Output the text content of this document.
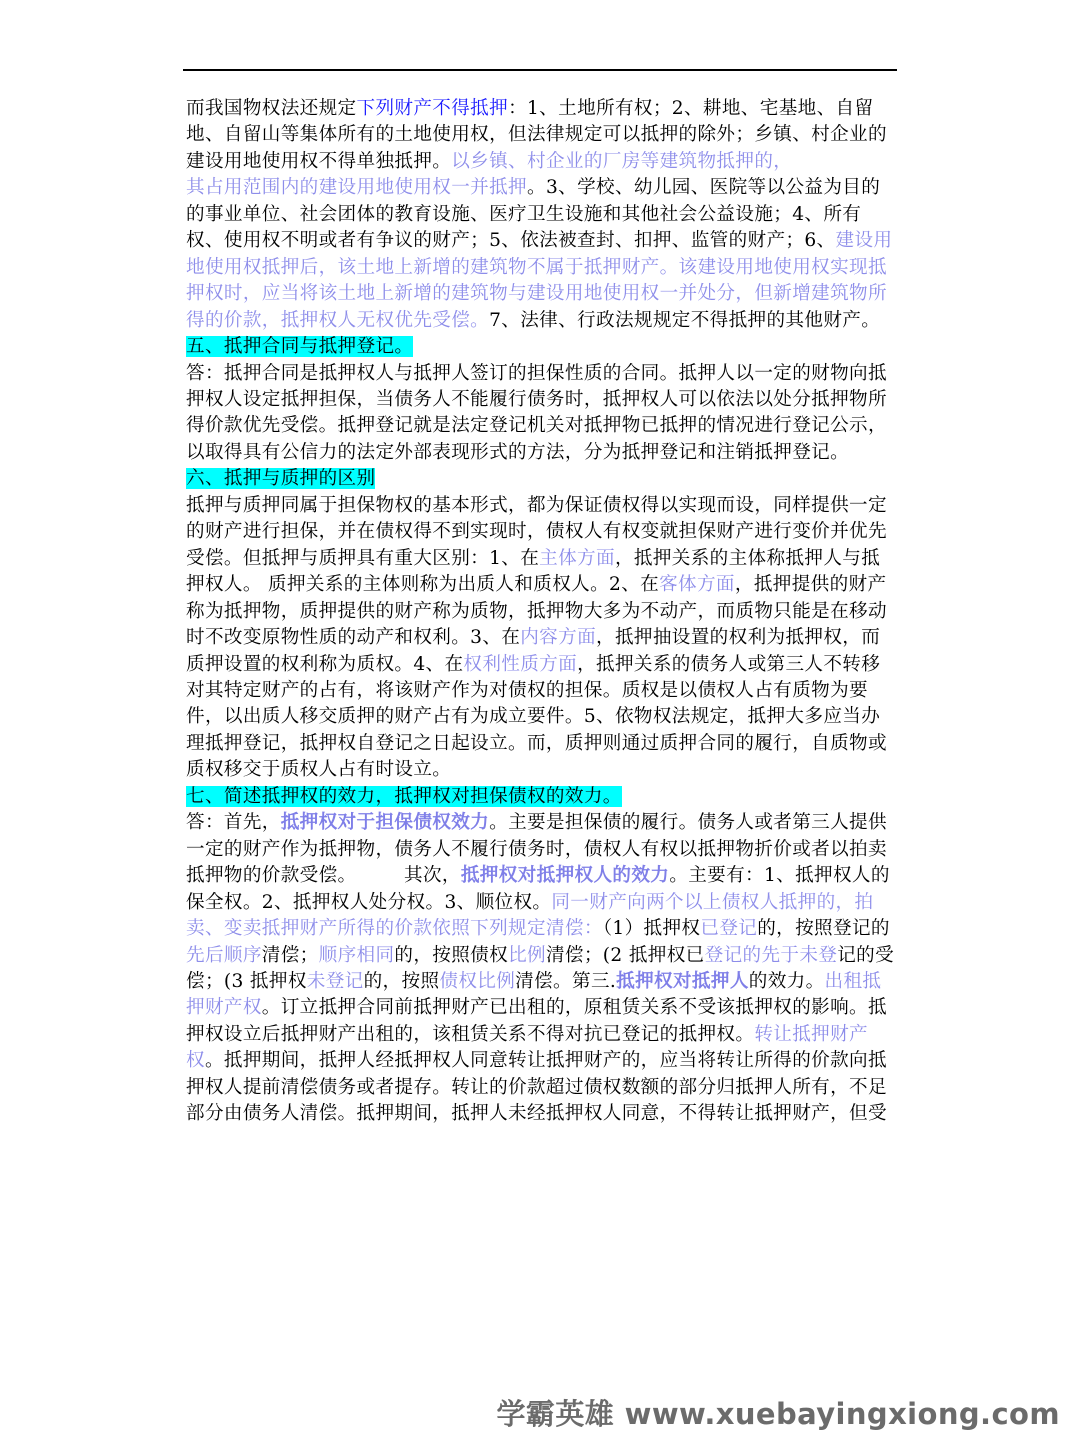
而我国物权法还规定下列财产不得抵押：1、土地所有权；2、耕地、宅基地、自留地、自留山等集体所有的土地使用权，但法律规定可以抵押的除外；乡镇、村企业的建设用地使用权不得单独抵押。以乡镇、村企业的厂房等建筑物抵押的，
其占用范围内的建设用地使用权一并抵押。3、学校、幼儿园、医院等以公益为目的的事业单位、社会团体的教育设施、医疗卫生设施和其他社会公益设施；4、所有权、使用权不明或者有争议的财产；5、依法被查封、扣押、监管的财产；6、建设用地使用权抵押后，该土地上新增的建筑物不属于抵押财产。该建设用地使用权实现抵押权时，应当将该土地上新增的建筑物与建设用地使用权一并处分，但新增建筑物所得的价款，抵押权人无权优先受偿。7、法律、行政法规规定不得抵押的其他财产。

五、抵押合同与抵押登记。

答：抵押合同是抵押权人与抵押人签订的担保性质的合同。抵押人以一定的财物向抵押权人设定抵押担保，当债务人不能履行债务时，抵押权人可以依法以处分抵押物所得价款优先受偿。抵押登记就是法定登记机关对抵押物已抵押的情况进行登记公示，以取得具有公信力的法定外部表现形式的方法，分为抵押登记和注销抵押登记。

六、抵押与质押的区别

抵押与质押同属于担保物权的基本形式，都为保证债权得以实现而设，同样提供一定的财产进行担保，并在债权得不到实现时，债权人有权变就担保财产进行变价并优先受偿。但抵押与质押具有重大区别：1、在主体方面，抵押关系的主体称抵押人与抵押权人。 质押关系的主体则称为出质人和质权人。2、在客体方面，抵押提供的财产称为抵押物，质押提供的财产称为质物，抵押物大多为不动产，而质物只能是在移动时不改变原物性质的动产和权利。3、在内容方面，抵押抽设置的权利为抵押权，而质押设置的权利称为质权。4、在权利性质方面，抵押关系的债务人或第三人不转移对其特定财产的占有，将该财产作为对债权的担保。质权是以债权人占有质物为要件，以出质人移交质押的财产占有为成立要件。5、依物权法规定，抵押大多应当办理抵押登记，抵押权自登记之日起设立。而，质押则通过质押合同的履行，自质物或质权移交于质权人占有时设立。

七、简述抵押权的效力，抵押权对担保债权的效力。

答：首先，抵押权对于担保债权效力。主要是担保债的履行。债务人或者第三人提供一定的财产作为抵押物，债务人不履行债务时，债权人有权以抵押物折价或者以拍卖抵押物的价款受偿。　　　其次，抵押权对抵押权人的效力。主要有：1、抵押权人的保全权。2、抵押权人处分权。3、顺位权。同一财产向两个以上债权人抵押的，拍卖、变卖抵押财产所得的价款依照下列规定清偿：（1）抵押权已登记的，按照登记的先后顺序清偿；顺序相同的，按照债权比例清偿；(2 抵押权已登记的先于未登记的受偿；(3 抵押权未登记的，按照债权比例清偿。第三.抵押权对抵押人的效力。出租抵押财产权。订立抵押合同前抵押财产已出租的，原租赁关系不受该抵押权的影响。抵押权设立后抵押财产出租的，该租赁关系不得对抗已登记的抵押权。转让抵押财产权。抵押期间，抵押人经抵押权人同意转让抵押财产的，应当将转让所得的价款向抵押权人提前清偿债务或者提存。转让的价款超过债权数额的部分归抵押人所有，不足部分由债务人清偿。抵押期间，抵押人未经抵押权人同意，不得转让抵押财产，但受

学霸英雄 www.xuebayingxiong.com
